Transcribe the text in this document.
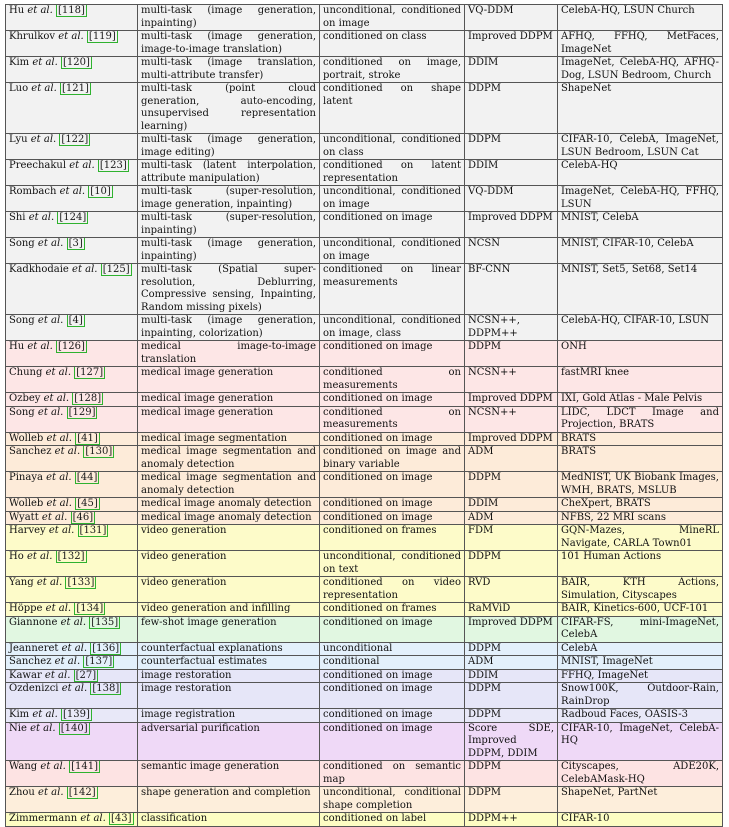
Hu et al. [118]	multi-task (image generation, inpainting)	unconditional, conditioned on image	VQ-DDM	CelebA-HQ, LSUN Church
Khrulkov et al. [119]	multi-task (image generation, image-to-image translation)	conditioned on class	Improved DDPM	AFHQ, FFHQ, MetFaces, ImageNet
Kim et al. [120]	multi-task (image translation, multi-attribute transfer)	conditioned on image, portrait, stroke	DDIM	ImageNet, CelebA-HQ, AFHQ-Dog, LSUN Bedroom, Church
Luo et al. [121]	multi-task (point cloud generation, auto-encoding, unsupervised representation learning)	conditioned on shape latent	DDPM	ShapeNet
Lyu et al. [122]	multi-task (image generation, image editing)	unconditional, conditioned on class	DDPM	CIFAR-10, CelebA, ImageNet, LSUN Bedroom, LSUN Cat
Preechakul et al. [123]	multi-task (latent interpolation, attribute manipulation)	conditioned on latent representation	DDIM	CelebA-HQ
Rombach et al. [10]	multi-task (super-resolution, image generation, inpainting)	unconditional, conditioned on image	VQ-DDM	ImageNet, CelebA-HQ, FFHQ, LSUN
Shi et al. [124]	multi-task (super-resolution, inpainting)	conditioned on image	Improved DDPM	MNIST, CelebA
Song et al. [3]	multi-task (image generation, inpainting)	unconditional, conditioned on image	NCSN	MNIST, CIFAR-10, CelebA
Kadkhodaie et al. [125]	multi-task (Spatial super-resolution, Deblurring, Compressive sensing, Inpainting, Random missing pixels)	conditioned on linear measurements	BF-CNN	MNIST, Set5, Set68, Set14
Song et al. [4]	multi-task (image generation, inpainting, colorization)	unconditional, conditioned on image, class	NCSN++, DDPM++	CelebA-HQ, CIFAR-10, LSUN
Hu et al. [126]	medical image-to-image translation	conditioned on image	DDPM	ONH
Chung et al. [127]	medical image generation	conditioned on measurements	NCSN++	fastMRI knee
Özbey et al. [128]	medical image generation	conditioned on image	Improved DDPM	IXI, Gold Atlas - Male Pelvis
Song et al. [129]	medical image generation	conditioned on measurements	NCSN++	LIDC, LDCT Image and Projection, BRATS
Wolleb et al. [41]	medical image segmentation	conditioned on image	Improved DDPM	BRATS
Sanchez et al. [130]	medical image segmentation and anomaly detection	conditioned on image and binary variable	ADM	BRATS
Pinaya et al. [44]	medical image segmentation and anomaly detection	conditioned on image	DDPM	MedNIST, UK Biobank Images, WMH, BRATS, MSLUB
Wolleb et al. [45]	medical image anomaly detection	conditioned on image	DDIM	CheXpert, BRATS
Wyatt et al. [46]	medical image anomaly detection	conditioned on image	ADM	NFBS, 22 MRI scans
Harvey et al. [131]	video generation	conditioned on frames	FDM	GQN-Mazes, MineRL Navigate, CARLA Town01
Ho et al. [132]	video generation	unconditional, conditioned on text	DDPM	101 Human Actions
Yang et al. [133]	video generation	conditioned on video representation	RVD	BAIR, KTH Actions, Simulation, Cityscapes
Höppe et al. [134]	video generation and infilling	conditioned on frames	RaMViD	BAIR, Kinetics-600, UCF-101
Giannone et al. [135]	few-shot image generation	conditioned on image	Improved DDPM	CIFAR-FS, mini-ImageNet, CelebA
Jeanneret et al. [136]	counterfactual explanations	unconditional	DDPM	CelebA
Sanchez et al. [137]	counterfactual estimates	conditional	ADM	MNIST, ImageNet
Kawar et al. [27]	image restoration	conditioned on image	DDIM	FFHQ, ImageNet
Özdenizci et al. [138]	image restoration	conditioned on image	DDPM	Snow100K, Outdoor-Rain, RainDrop
Kim et al. [139]	image registration	conditioned on image	DDPM	Radboud Faces, OASIS-3
Nie et al. [140]	adversarial purification	conditioned on image	Score SDE, Improved DDPM, DDIM	CIFAR-10, ImageNet, CelebA-HQ
Wang et al. [141]	semantic image generation	conditioned on semantic map	DDPM	Cityscapes, ADE20K, CelebAMask-HQ
Zhou et al. [142]	shape generation and completion	unconditional, conditional shape completion	DDPM	ShapeNet, PartNet
Zimmermann et al. [43]	classification	conditioned on label	DDPM++	CIFAR-10
